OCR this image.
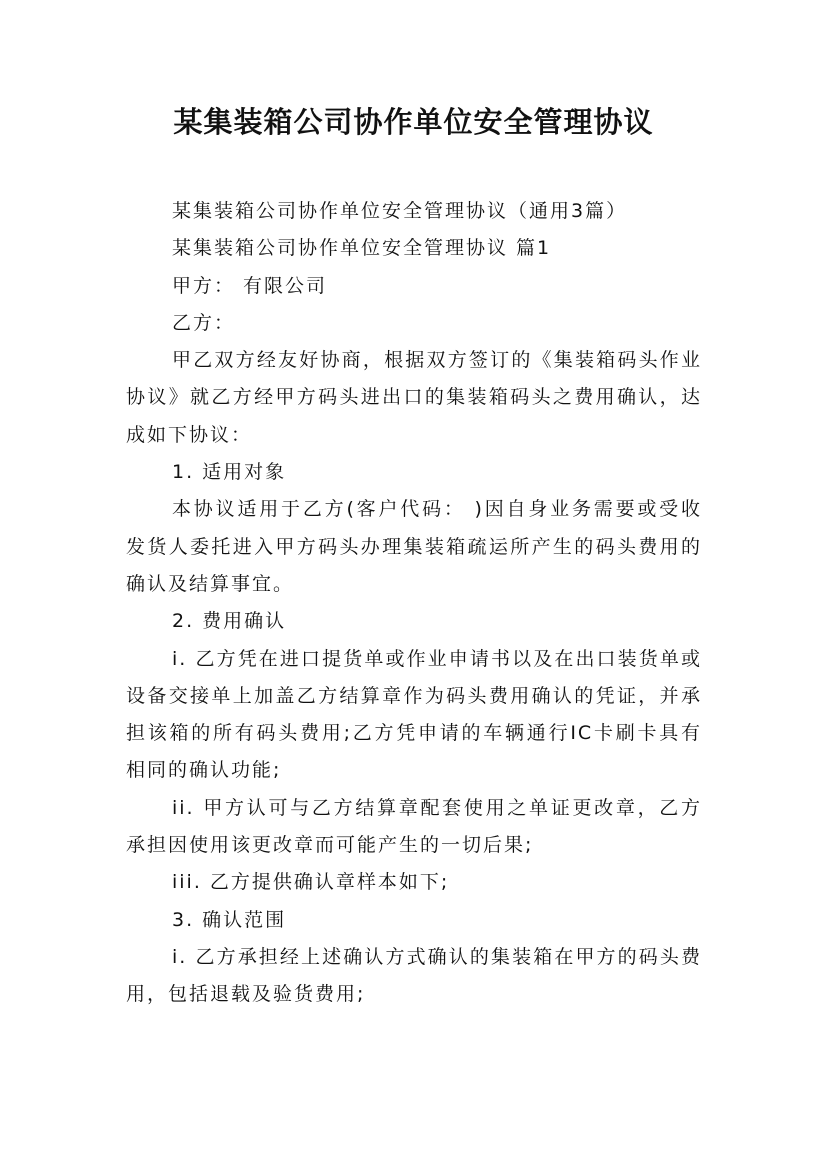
某集装箱公司协作单位安全管理协议

某集装箱公司协作单位安全管理协议（通用3篇）

某集装箱公司协作单位安全管理协议 篇1

甲方： 有限公司

乙方：

甲乙双方经友好协商，根据双方签订的《集装箱码头作业协议》就乙方经甲方码头进出口的集装箱码头之费用确认，达成如下协议：

1. 适用对象

本协议适用于乙方(客户代码： )因自身业务需要或受收发货人委托进入甲方码头办理集装箱疏运所产生的码头费用的确认及结算事宜。

2. 费用确认

i. 乙方凭在进口提货单或作业申请书以及在出口装货单或设备交接单上加盖乙方结算章作为码头费用确认的凭证，并承担该箱的所有码头费用;乙方凭申请的车辆通行IC卡刷卡具有相同的确认功能;

ii. 甲方认可与乙方结算章配套使用之单证更改章，乙方承担因使用该更改章而可能产生的一切后果;

iii. 乙方提供确认章样本如下;

3. 确认范围

i. 乙方承担经上述确认方式确认的集装箱在甲方的码头费用，包括退载及验货费用;
